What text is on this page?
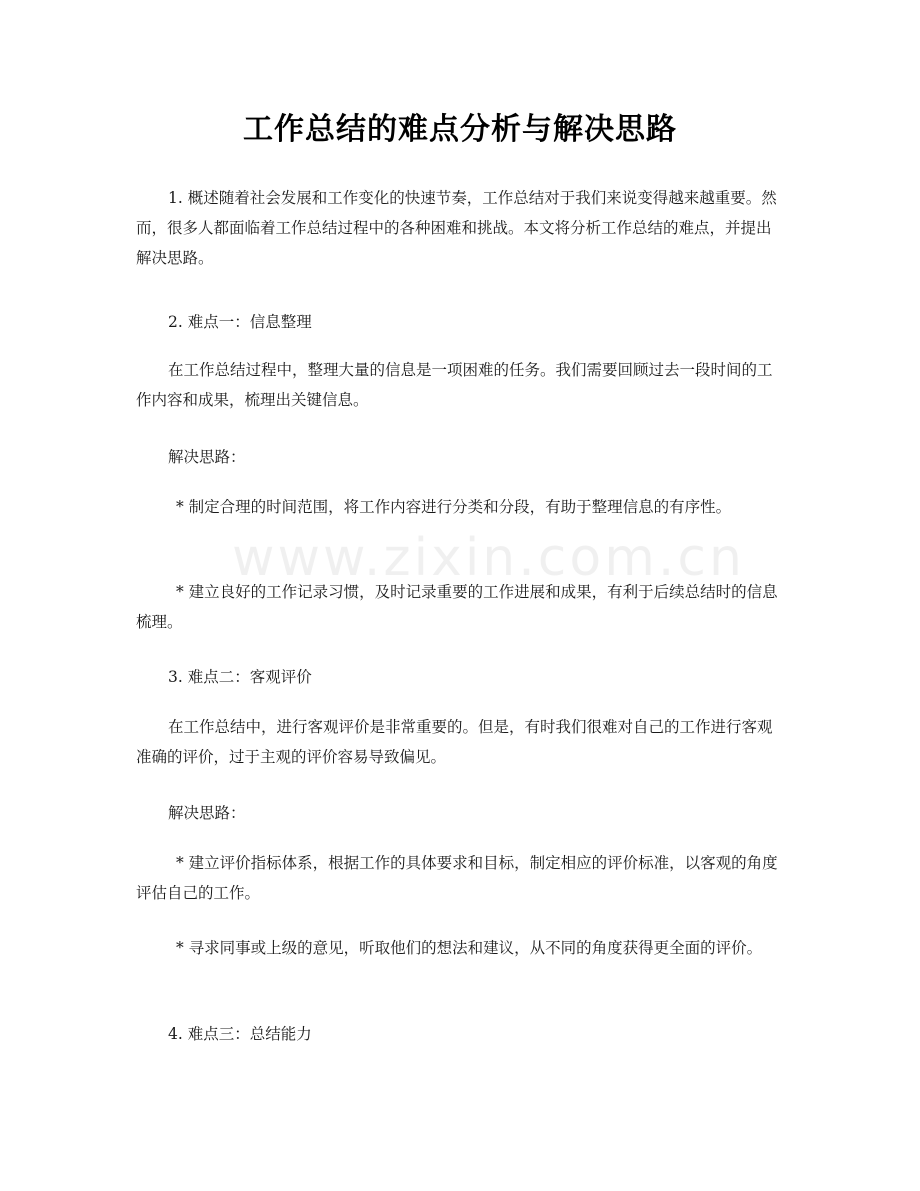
www.zixin.com.cn
工作总结的难点分析与解决思路

1. 概述随着社会发展和工作变化的快速节奏，工作总结对于我们来说变得越来越重要。然而，很多人都面临着工作总结过程中的各种困难和挑战。本文将分析工作总结的难点，并提出解决思路。

2. 难点一：信息整理

在工作总结过程中，整理大量的信息是一项困难的任务。我们需要回顾过去一段时间的工作内容和成果，梳理出关键信息。

解决思路：

* 制定合理的时间范围，将工作内容进行分类和分段，有助于整理信息的有序性。

* 建立良好的工作记录习惯，及时记录重要的工作进展和成果，有利于后续总结时的信息梳理。

3. 难点二：客观评价

在工作总结中，进行客观评价是非常重要的。但是，有时我们很难对自己的工作进行客观准确的评价，过于主观的评价容易导致偏见。

解决思路：

* 建立评价指标体系，根据工作的具体要求和目标，制定相应的评价标准，以客观的角度评估自己的工作。

* 寻求同事或上级的意见，听取他们的想法和建议，从不同的角度获得更全面的评价。

4. 难点三：总结能力
